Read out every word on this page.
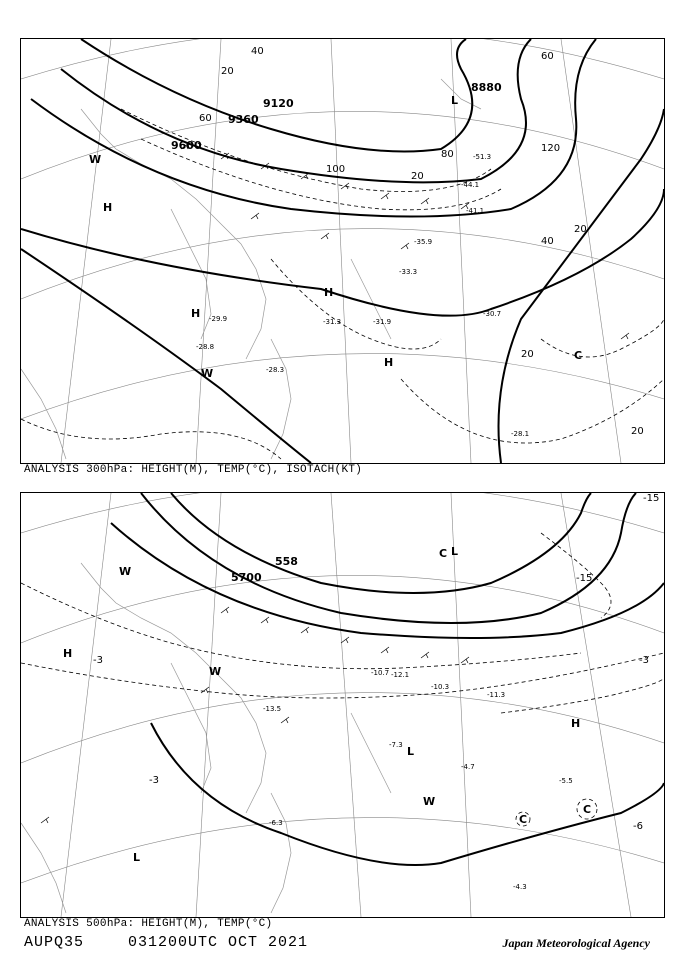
9120
9360
9600
8880
20
40
60
80
100
120
20
40
60
20
20
20
H
H
H
H
L
W
W
C
-30.7
-28.3
-29.9	-31.9
-31.3
-28.8
-28.1
-35.9
-33.3
-41.1
-44.1
-51.3
ANALYSIS 300hPa: HEIGHT(M), TEMP(°C), ISOTACH(KT)
5700
558
-3
-3
-3
-15
-15
-6
H
H
L
L
L
C
C
C
W
W
W
-4.7
-5.5
-10.7
-13.5
-7.3
-4.3
-6.3
-11.3
-10.3
-12.1
ANALYSIS 500hPa: HEIGHT(M), TEMP(°C)
AUPQ35	031200UTC OCT 2021	Japan Meteorological Agency
